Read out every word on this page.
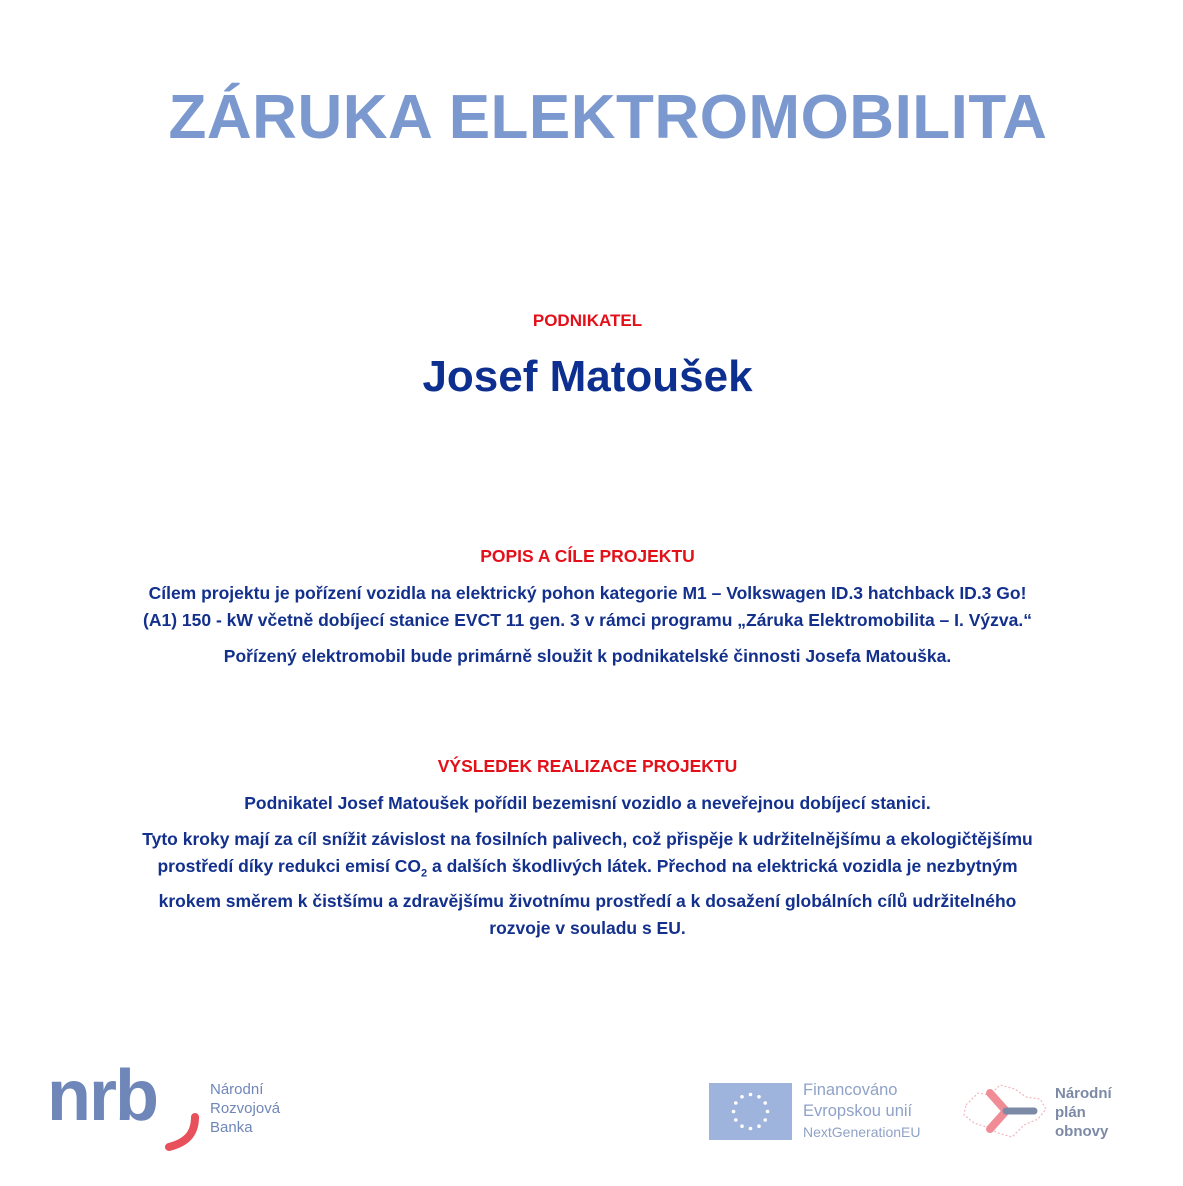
ZÁRUKA ELEKTROMOBILITA
PODNIKATEL
Josef Matoušek
POPIS A CÍLE PROJEKTU

Cílem projektu je pořízení vozidla na elektrický pohon kategorie M1 – Volkswagen ID.3 hatchback ID.3 Go! (A1) 150 - kW včetně dobíjecí stanice EVCT 11 gen. 3 v rámci programu „Záruka Elektromobilita – I. Výzva.“

Pořízený elektromobil bude primárně sloužit k podnikatelské činnosti Josefa Matouška.

VÝSLEDEK REALIZACE PROJEKTU

Podnikatel Josef Matoušek pořídil bezemisní vozidlo a neveřejnou dobíjecí stanici.

Tyto kroky mají za cíl snížit závislost na fosilních palivech, což přispěje k udržitelnějšímu a ekologičtějšímu prostředí díky redukci emisí $CO_2$ a dalších škodlivých látek. Přechod na elektrická vozidla je nezbytným krokem směrem k čistšímu a zdravějšímu životnímu prostředí a k dosažení globálních cílů udržitelného rozvoje v souladu s EU.

nrb	Národní
Rozvojová
Banka
Financováno
Evropskou unií
NextGenerationEU
Národní
plán
obnovy
